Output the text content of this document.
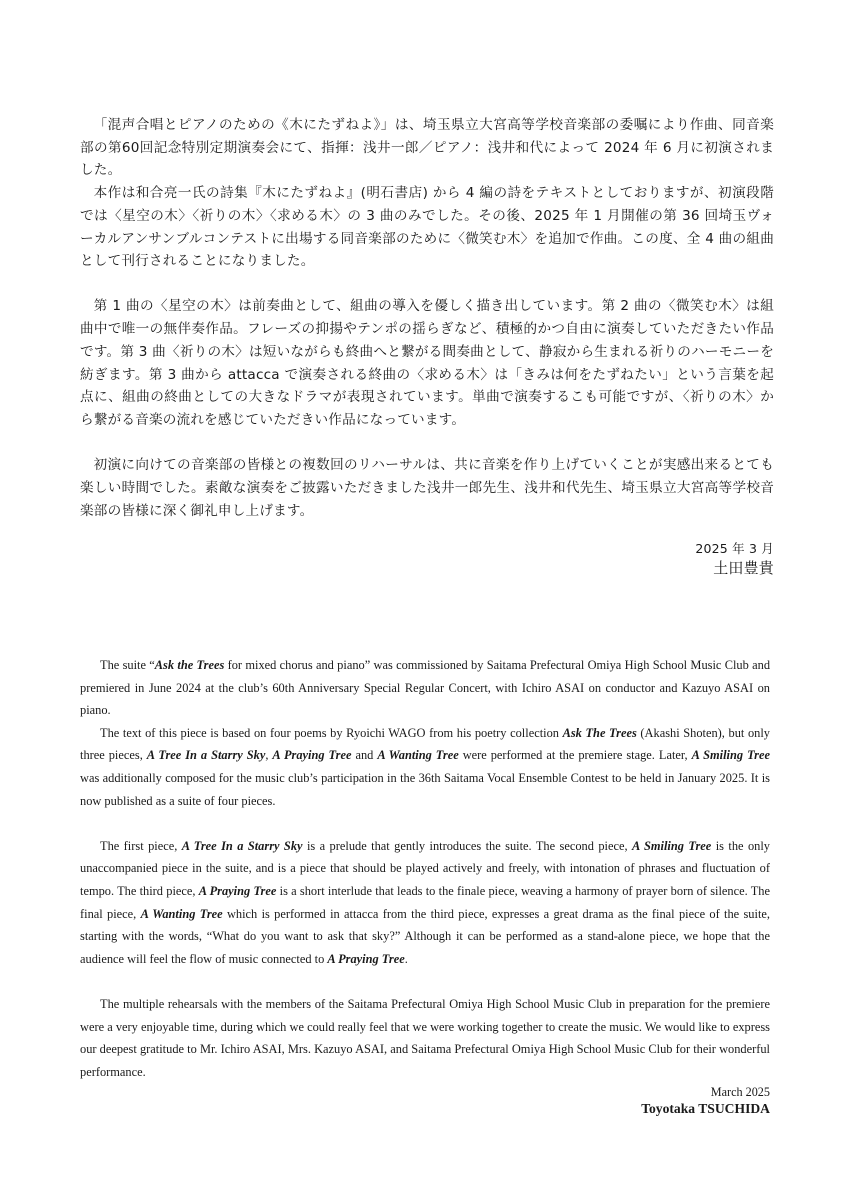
「混声合唱とピアノのための《木にたずねよ》」は、埼玉県立大宮高等学校音楽部の委嘱により作曲、同音楽部の第60回記念特別定期演奏会にて、指揮：浅井一郎／ピアノ：浅井和代によって 2024 年 6 月に初演されました。

本作は和合亮一氏の詩集『木にたずねよ』(明石書店) から 4 編の詩をテキストとしておりますが、初演段階では〈星空の木〉〈祈りの木〉〈求める木〉の 3 曲のみでした。その後、2025 年 1 月開催の第 36 回埼玉ヴォーカルアンサンブルコンテストに出場する同音楽部のために〈微笑む木〉を追加で作曲。この度、全 4 曲の組曲として刊行されることになりました。

第 1 曲の〈星空の木〉は前奏曲として、組曲の導入を優しく描き出しています。第 2 曲の〈微笑む木〉は組曲中で唯一の無伴奏作品。フレーズの抑揚やテンポの揺らぎなど、積極的かつ自由に演奏していただきたい作品です。第 3 曲〈祈りの木〉は短いながらも終曲へと繋がる間奏曲として、静寂から生まれる祈りのハーモニーを紡ぎます。第 3 曲から attacca で演奏される終曲の〈求める木〉は「きみは何をたずねたい」という言葉を起点に、組曲の終曲としての大きなドラマが表現されています。単曲で演奏するこも可能ですが、〈祈りの木〉から繋がる音楽の流れを感じていただきい作品になっています。

初演に向けての音楽部の皆様との複数回のリハーサルは、共に音楽を作り上げていくことが実感出来るとても楽しい時間でした。素敵な演奏をご披露いただきました浅井一郎先生、浅井和代先生、埼玉県立大宮高等学校音楽部の皆様に深く御礼申し上げます。

2025 年 3 月
土田豊貴

The suite “Ask the Trees for mixed chorus and piano” was commissioned by Saitama Prefectural Omiya High School Music Club and premiered in June 2024 at the club’s 60th Anniversary Special Regular Concert, with Ichiro ASAI on conductor and Kazuyo ASAI on piano.

The text of this piece is based on four poems by Ryoichi WAGO from his poetry collection Ask The Trees (Akashi Shoten), but only three pieces, A Tree In a Starry Sky, A Praying Tree and A Wanting Tree were performed at the premiere stage. Later, A Smiling Tree was additionally composed for the music club’s participation in the 36th Saitama Vocal Ensemble Contest to be held in January 2025. It is now published as a suite of four pieces.

The first piece, A Tree In a Starry Sky is a prelude that gently introduces the suite. The second piece, A Smiling Tree is the only unaccompanied piece in the suite, and is a piece that should be played actively and freely, with intonation of phrases and fluctuation of tempo. The third piece, A Praying Tree is a short interlude that leads to the finale piece, weaving a harmony of prayer born of silence. The final piece, A Wanting Tree which is performed in attacca from the third piece, expresses a great drama as the final piece of the suite, starting with the words, “What do you want to ask that sky?” Although it can be performed as a stand-alone piece, we hope that the audience will feel the flow of music connected to A Praying Tree.

The multiple rehearsals with the members of the Saitama Prefectural Omiya High School Music Club in preparation for the premiere were a very enjoyable time, during which we could really feel that we were working together to create the music. We would like to express our deepest gratitude to Mr. Ichiro ASAI, Mrs. Kazuyo ASAI, and Saitama Prefectural Omiya High School Music Club for their wonderful performance.

March 2025
Toyotaka TSUCHIDA
